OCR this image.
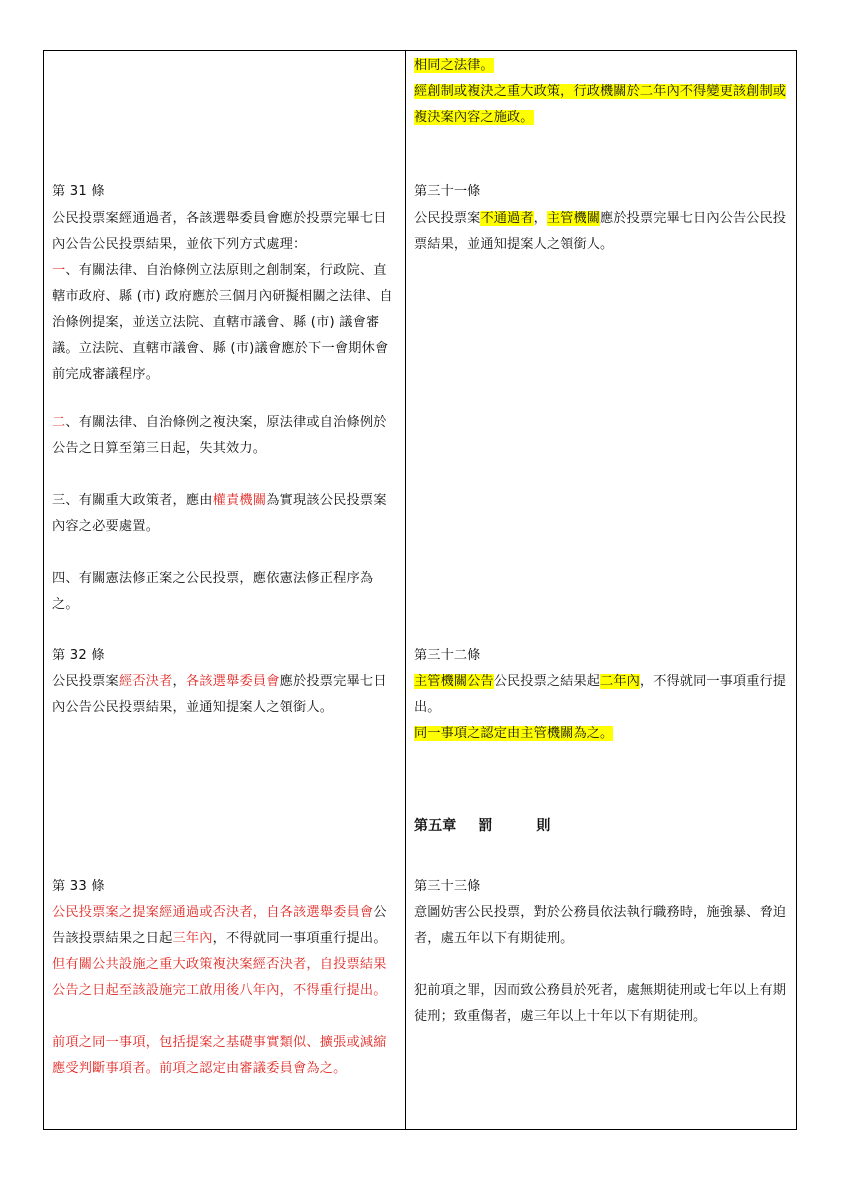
第 31 條

公民投票案經通過者，各該選舉委員會應於投票完畢七日內公告公民投票結果，並依下列方式處理：

一、有關法律、自治條例立法原則之創制案，行政院、直轄市政府、縣 (市) 政府應於三個月內研擬相關之法律、自治條例提案，並送立法院、直轄市議會、縣 (市) 議會審議。立法院、直轄市議會、縣 (市)議會應於下一會期休會前完成審議程序。

二、有關法律、自治條例之複決案，原法律或自治條例於公告之日算至第三日起，失其效力。

三、有關重大政策者，應由權責機關為實現該公民投票案內容之必要處置。

四、有關憲法修正案之公民投票，應依憲法修正程序為之。

第 32 條

公民投票案經否決者，各該選舉委員會應於投票完畢七日內公告公民投票結果，並通知提案人之領銜人。

第 33 條

公民投票案之提案經通過或否決者，自各該選舉委員會公告該投票結果之日起三年內，不得就同一事項重行提出。但有關公共設施之重大政策複決案經否決者，自投票結果公告之日起至該設施完工啟用後八年內，不得重行提出。

前項之同一事項，包括提案之基礎事實類似、擴張或減縮應受判斷事項者。前項之認定由審議委員會為之。

相同之法律。

經創制或複決之重大政策，行政機關於二年內不得變更該創制或複決案內容之施政。

第三十一條

公民投票案不通過者，主管機關應於投票完畢七日內公告公民投票結果，並通知提案人之領銜人。

第三十二條

主管機關公告公民投票之結果起二年內，不得就同一事項重行提出。

同一事項之認定由主管機關為之。

第五章 罰	則

第三十三條

意圖妨害公民投票，對於公務員依法執行職務時，施強暴、脅迫者，處五年以下有期徒刑。

犯前項之罪，因而致公務員於死者，處無期徒刑或七年以上有期徒刑；致重傷者，處三年以上十年以下有期徒刑。
